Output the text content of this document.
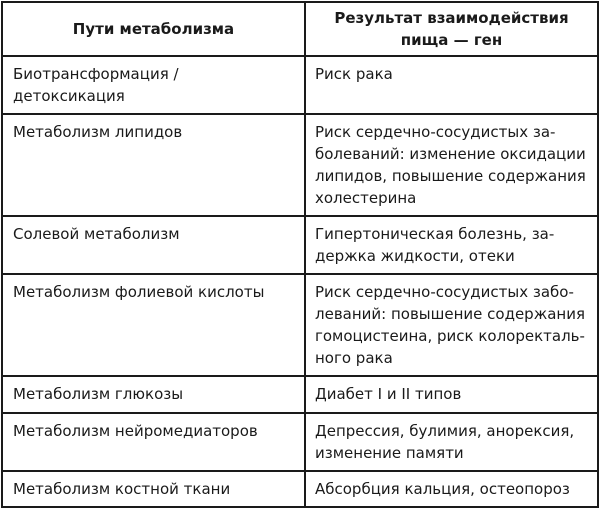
Пути метаболизма	Результат взаимодействия
пища — ген

Биотрансформация /
детоксикация	Риск рака

Метаболизм липидов	Риск сердечно-сосудистых за-
болеваний: изменение оксидации
липидов, повышение содержания
холестерина

Солевой метаболизм	Гипертоническая болезнь, за-
держка жидкости, отеки

Метаболизм фолиевой кислоты	Риск сердечно-сосудистых забо-
леваний: повышение содержания
гомоцистеина, риск колоректаль-
ного рака

Метаболизм глюкозы	Диабет I и II типов

Метаболизм нейромедиаторов	Депрессия, булимия, анорексия,
изменение памяти

Метаболизм костной ткани	Абсорбция кальция, остеопороз
